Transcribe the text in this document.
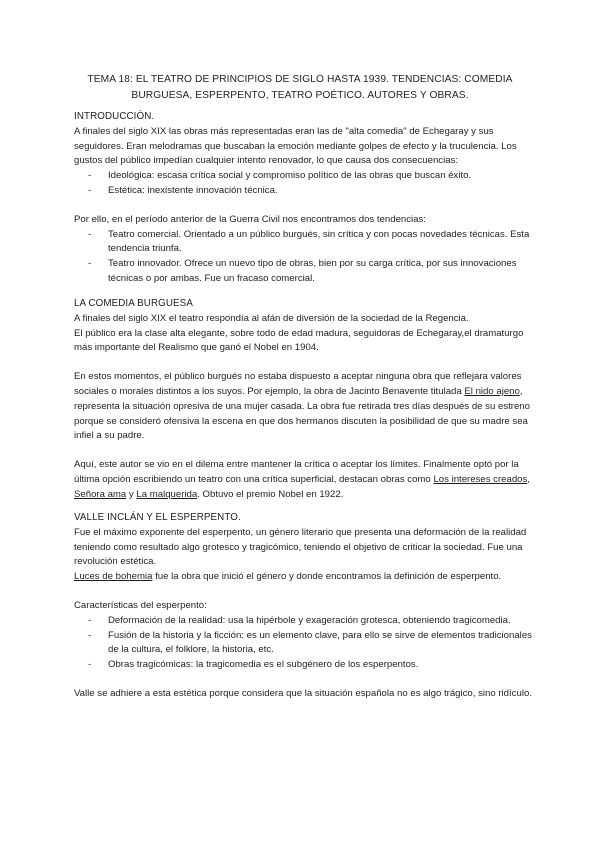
TEMA 18: EL TEATRO DE PRINCIPIOS DE SIGLO HASTA 1939. TENDENCIAS: COMEDIA
BURGUESA, ESPERPENTO, TEATRO POÉTICO. AUTORES Y OBRAS.

INTRODUCCIÓN.

A finales del siglo XIX las obras más representadas eran las de "alta comedia" de Echegaray y sus seguidores. Eran melodramas que buscaban la emoción mediante golpes de efecto y la truculencia. Los gustos del público impedían cualquier intento renovador, lo que causa dos consecuencias:

- Ideológica: escasa crítica social y compromiso político de las obras que buscan éxito.
- Estética: inexistente innovación técnica.

Por ello, en el período anterior de la Guerra Civil nos encontramos dos tendencias:

- Teatro comercial. Orientado a un público burgués, sin crítica y con pocas novedades técnicas. Esta tendencia triunfa.
- Teatro innovador. Ofrece un nuevo tipo de obras, bien por su carga crítica, por sus innovaciones técnicas o por ambas. Fue un fracaso comercial.

LA COMEDIA BURGUESA

A finales del siglo XIX el teatro respondía al afán de diversión de la sociedad de la Regencia.

El público era la clase alta elegante, sobre todo de edad madura, seguidoras de Echegaray,el dramaturgo más importante del Realismo que ganó el Nobel en 1904.

En estos momentos, el público burgués no estaba dispuesto a aceptar ninguna obra que reflejara valores sociales o morales distintos a los suyos. Por ejemplo, la obra de Jacinto Benavente titulada El nido ajeno, representa la situación opresiva de una mujer casada. La obra fue retirada tres días después de su estreno porque se consideró ofensiva la escena en que dos hermanos discuten la posibilidad de que su madre sea infiel a su padre.

Aquí, este autor se vio en el dilema entre mantener la crítica o aceptar los límites. Finalmente optó por la última opción escribiendo un teatro con una crítica superficial, destacan obras como Los intereses creados, Señora ama y La malquerida. Obtuvo el premio Nobel en 1922.

VALLE INCLÁN Y EL ESPERPENTO.

Fue el máximo exponente del esperpento, un género literario que presenta una deformación de la realidad teniendo como resultado algo grotesco y tragicómico, teniendo el objetivo de criticar la sociedad. Fue una revolución estética.

Luces de bohemia fue la obra que inició el género y donde encontramos la definición de esperpento.

Características del esperpento:

- Deformación de la realidad: usa la hipérbole y exageración grotesca, obteniendo tragicomedia.
- Fusión de la historia y la ficción: es un elemento clave, para ello se sirve de elementos tradicionales de la cultura, el folklore, la historia, etc.
- Obras tragicómicas: la tragicomedia es el subgénero de los esperpentos.

Valle se adhiere a esta estética porque considera que la situación española no es algo trágico, sino ridículo.
